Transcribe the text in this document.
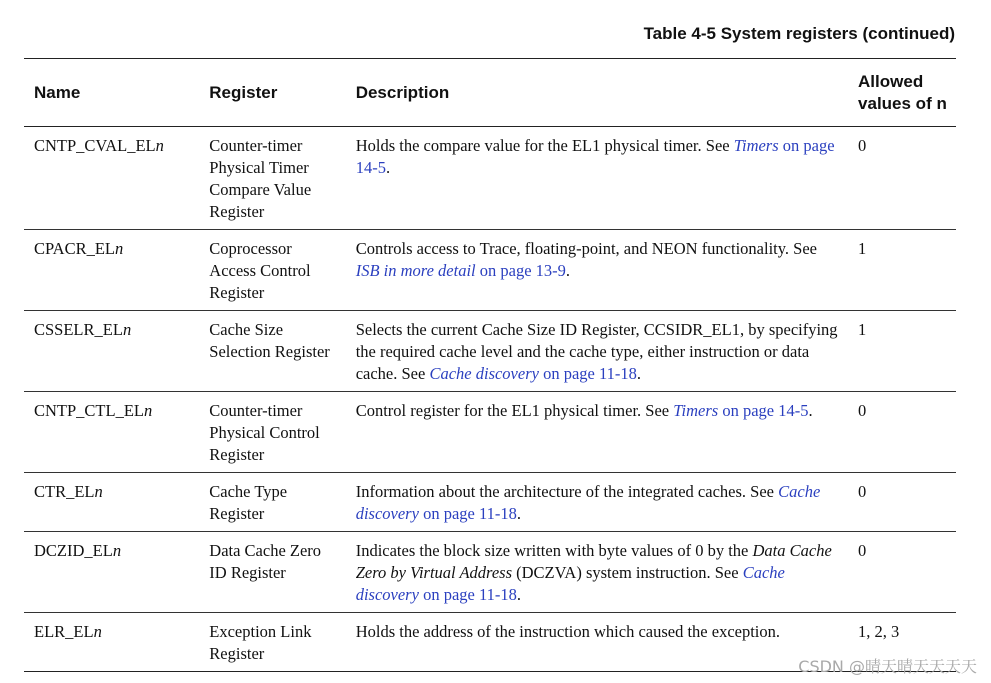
Table 4-5 System registers (continued)
Name	Register	Description	Allowed values of n
CNTP_CVAL_ELn	Counter-timer Physical Timer Compare Value Register	Holds the compare value for the EL1 physical timer. See Timers on page 14-5.	0
CPACR_ELn	Coprocessor Access Control Register	Controls access to Trace, floating-point, and NEON functionality. See ISB in more detail on page 13-9.	1
CSSELR_ELn	Cache Size Selection Register	Selects the current Cache Size ID Register, CCSIDR_EL1, by specifying the required cache level and the cache type, either instruction or data cache. See Cache discovery on page 11-18.	1
CNTP_CTL_ELn	Counter-timer Physical Control Register	Control register for the EL1 physical timer. See Timers on page 14-5.	0
CTR_ELn	Cache Type Register	Information about the architecture of the integrated caches. See Cache discovery on page 11-18.	0
DCZID_ELn	Data Cache Zero ID Register	Indicates the block size written with byte values of 0 by the Data Cache Zero by Virtual Address (DCZVA) system instruction. See Cache discovery on page 11-18.	0
ELR_ELn	Exception Link Register	Holds the address of the instruction which caused the exception.	1, 2, 3
CSDN @晴天晴天天天天
